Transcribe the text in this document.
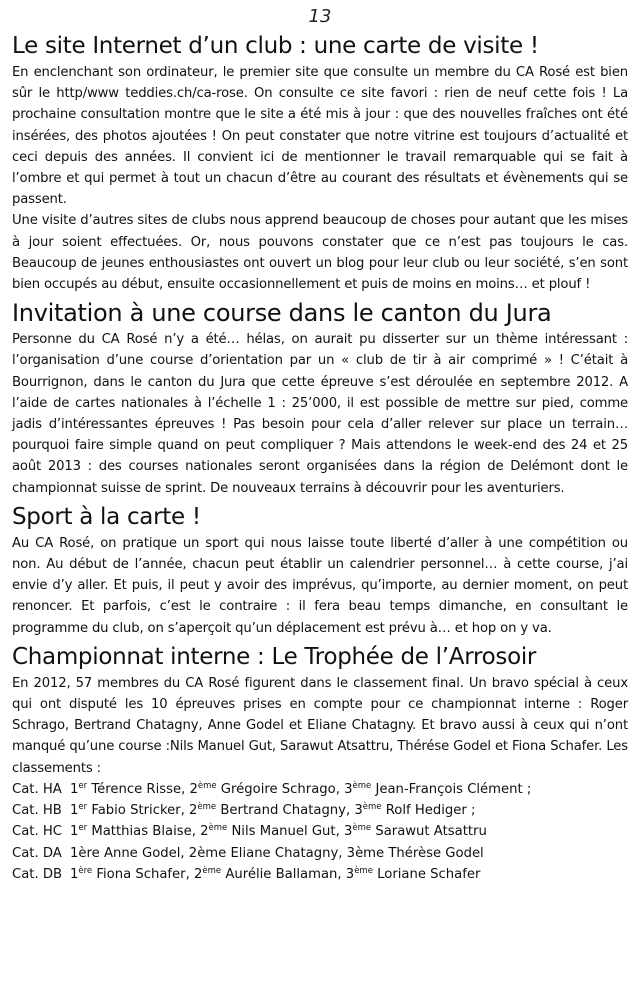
13
Le site Internet d’un club : une carte de visite !

En enclenchant son ordinateur, le premier site que consulte un membre du CA Rosé est bien sûr le http/www teddies.ch/ca-rose. On consulte ce site favori : rien de neuf cette fois ! La prochaine consultation montre que le site a été mis à jour : que des nouvelles fraîches ont été insérées, des photos ajoutées ! On peut constater que notre vitrine est toujours d’actualité et ceci depuis des années. Il convient ici de mentionner le travail remarquable qui se fait à l’ombre et qui permet à tout un chacun d’être au courant des résultats et évènements qui se passent.

Une visite d’autres sites de clubs nous apprend beaucoup de choses pour autant que les mises à jour soient effectuées. Or, nous pouvons constater que ce n’est pas toujours le cas. Beaucoup de jeunes enthousiastes ont ouvert un blog pour leur club ou leur société, s’en sont bien occupés au début, ensuite occasionnellement et puis de moins en moins… et plouf !

Invitation à une course dans le canton du Jura

Personne du CA Rosé n’y a été… hélas, on aurait pu disserter sur un thème intéressant : l’organisation d’une course d’orientation par un « club de tir à air comprimé » ! C’était à Bourrignon, dans le canton du Jura que cette épreuve s’est déroulée en septembre 2012. A l’aide de cartes nationales à l’échelle 1 : 25’000, il est possible de mettre sur pied, comme jadis d’intéressantes épreuves ! Pas besoin pour cela d’aller relever sur place un terrain… pourquoi faire simple quand on peut compliquer ? Mais attendons le week-end des 24 et 25 août 2013 : des courses nationales seront organisées dans la région de Delémont dont le championnat suisse de sprint. De nouveaux terrains à découvrir pour les aventuriers.

Sport à la carte !

Au CA Rosé, on pratique un sport qui nous laisse toute liberté d’aller à une compétition ou non. Au début de l’année, chacun peut établir un calendrier personnel… à cette course, j’ai envie d’y aller. Et puis, il peut y avoir des imprévus, qu’importe, au dernier moment, on peut renoncer. Et parfois, c’est le contraire : il fera beau temps dimanche, en consultant le programme du club, on s’aperçoit qu’un déplacement est prévu à… et hop on y va.

Championnat interne : Le Trophée de l’Arrosoir

En 2012, 57 membres du CA Rosé figurent dans le classement final. Un bravo spécial à ceux qui ont disputé les 10 épreuves prises en compte pour ce championnat interne : Roger Schrago, Bertrand Chatagny, Anne Godel et Eliane Chatagny. Et bravo aussi à ceux qui n’ont manqué qu’une course :Nils Manuel Gut, Sarawut Atsattru, Thérése Godel et Fiona Schafer. Les classements :

Cat. HA 1er Térence Risse, 2ème Grégoire Schrago, 3ème Jean-François Clément ;
Cat. HB 1er Fabio Stricker, 2ème Bertrand Chatagny, 3ème Rolf Hediger ;
Cat. HC 1er Matthias Blaise, 2ème Nils Manuel Gut, 3ème Sarawut Atsattru
Cat. DA 1ère Anne Godel, 2ème Eliane Chatagny, 3ème Thérèse Godel
Cat. DB 1ère Fiona Schafer, 2ème Aurélie Ballaman, 3ème Loriane Schafer
